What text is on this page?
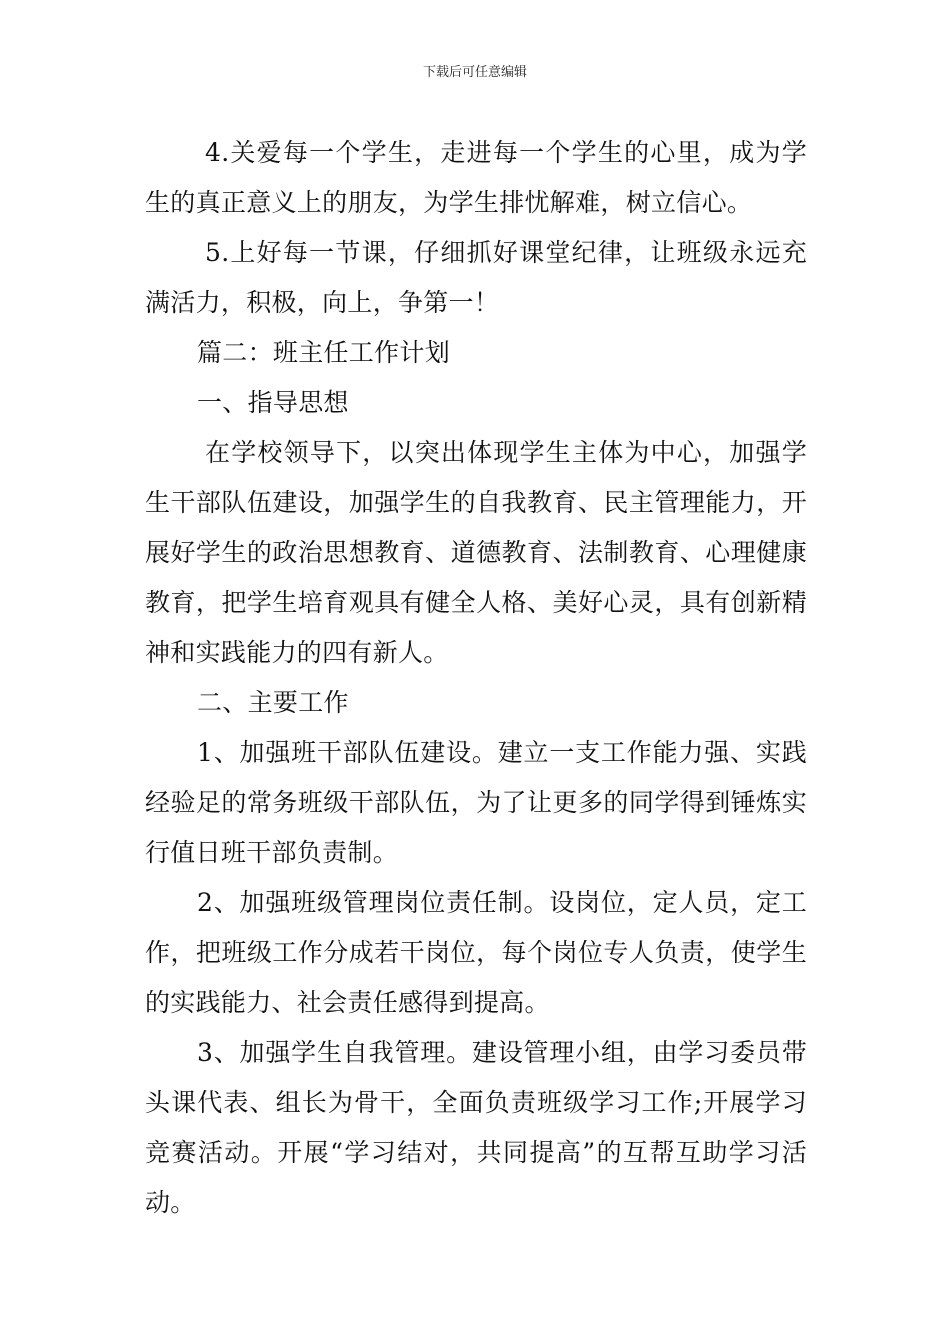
下载后可任意编辑

4.关爱每一个学生，走进每一个学生的心里，成为学生的真正意义上的朋友，为学生排忧解难，树立信心。

5.上好每一节课，仔细抓好课堂纪律，让班级永远充满活力，积极，向上，争第一！

篇二：班主任工作计划

一、指导思想

在学校领导下，以突出体现学生主体为中心，加强学生干部队伍建设，加强学生的自我教育、民主管理能力，开展好学生的政治思想教育、道德教育、法制教育、心理健康教育，把学生培育观具有健全人格、美好心灵，具有创新精神和实践能力的四有新人。

二、主要工作

1、加强班干部队伍建设。建立一支工作能力强、实践经验足的常务班级干部队伍，为了让更多的同学得到锤炼实行值日班干部负责制。

2、加强班级管理岗位责任制。设岗位，定人员，定工作，把班级工作分成若干岗位，每个岗位专人负责，使学生的实践能力、社会责任感得到提高。

3、加强学生自我管理。建设管理小组，由学习委员带头课代表、组长为骨干，全面负责班级学习工作;开展学习竞赛活动。开展“学习结对，共同提高”的互帮互助学习活动。
